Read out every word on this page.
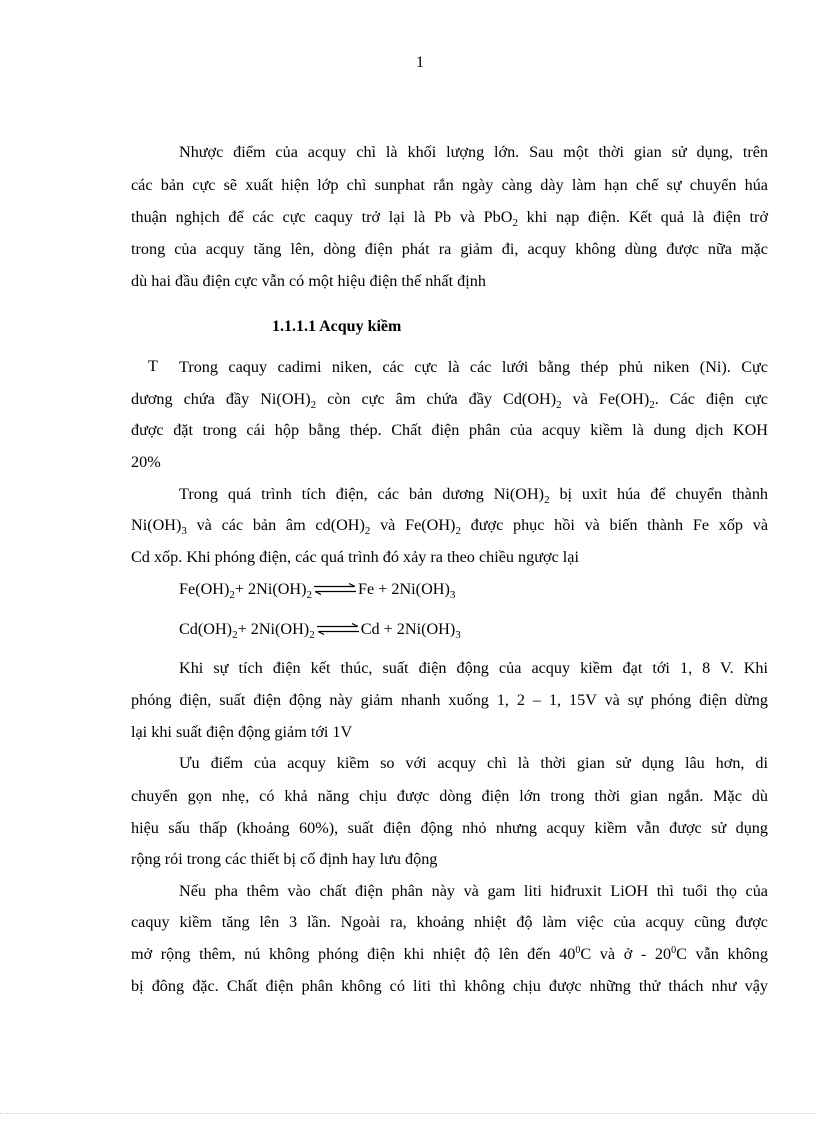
1
Nhược điểm của acquy chì là khối lượng lớn. Sau một thời gian sử dụng, trên
các bản cực sẽ xuất hiện lớp chì sunphat rắn ngày càng dày làm hạn chế sự chuyển húa
thuận nghịch để các cực caquy trở lại là Pb và PbO$_2$ khi nạp điện. Kết quả là điện trở
trong của acquy tăng lên, dòng điện phát ra giảm đi, acquy không dùng được nữa mặc
dù hai đầu điện cực vẫn có một hiệu điện thế nhất định
1.1.1.1 Acquy kiềm
T Trong caquy cadimi niken, các cực là các lưới bằng thép phủ niken (Ni). Cực
dương chứa đầy $Ni(OH)_2$ còn cực âm chứa đầy $Cd(OH)_2$ và $Fe(OH)_2$. Các điện cực
được đặt trong cái hộp bằng thép. Chất điện phân của acquy kiềm là dung dịch KOH
20%
Trong quá trình tích điện, các bản dương $Ni(OH)_2$ bị uxit húa để chuyển thành
$Ni(OH)_3$ và các bản âm $cd(OH)_2$ và $Fe(OH)_2$ được phục hồi và biến thành Fe xốp và
Cd xốp. Khi phóng điện, các quá trình đó xảy ra theo chiều ngược lại
$Fe(OH)_2+$ $2Ni(OH)_2\rightleftharpoons Fe + 2Ni(OH)_3$
$Cd(OH)_2+$ $2Ni(OH)_2\rightleftharpoons Cd + 2Ni(OH)_3$
Khi sự tích điện kết thúc, suất điện động của acquy kiềm đạt tới 1, 8 V. Khi
phóng điện, suất điện động này giảm nhanh xuống 1, 2 – 1, 15V và sự phóng điện dừng
lại khi suất điện động giảm tới 1V
Ưu điểm của acquy kiềm so với acquy chì là thời gian sử dụng lâu hơn, di
chuyển gọn nhẹ, có khả năng chịu được dòng điện lớn trong thời gian ngắn. Mặc dù
hiệu sấu thấp (khoảng 60%), suất điện động nhỏ nhưng acquy kiềm vẫn được sử dụng
rộng rói trong các thiết bị cố định hay lưu động
Nếu pha thêm vào chất điện phân này và gam liti hiđruxit LiOH thì tuổi thọ của
caquy kiềm tăng lên 3 lần. Ngoài ra, khoảng nhiệt độ làm việc của acquy cũng được
mở rộng thêm, nú không phóng điện khi nhiệt độ lên đến $40^0C$ và ở - $20^0C$ vẫn không
bị đông đặc. Chất điện phân không có liti thì không chịu được những thử thách như vậy
